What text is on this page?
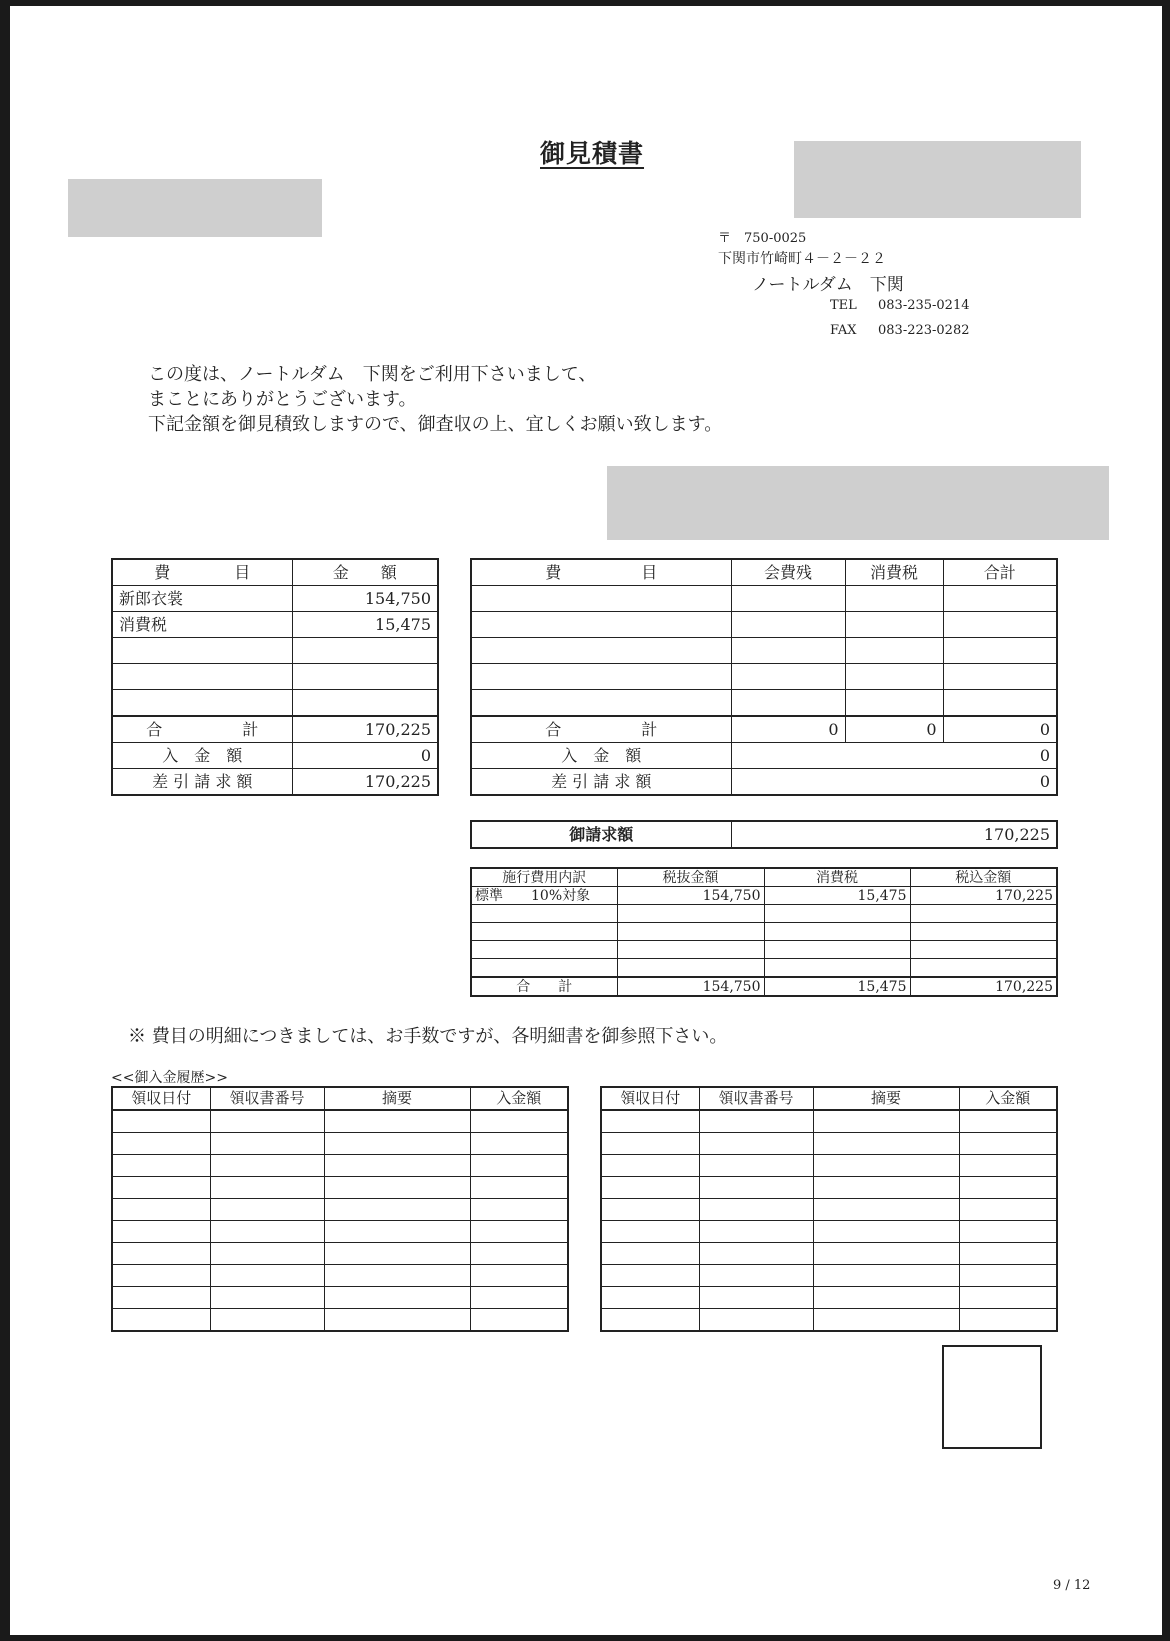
御見積書
〒　750-0025
下関市竹崎町４－２－２２
ノートルダム　下関
TEL 083-235-0214
FAX 083-223-0282
この度は、ノートルダム　下関をご利用下さいまして、
まことにありがとうございます。
下記金額を御見積致しますので、御査収の上、宜しくお願い致します。
費　　　　目	金　　額
新郎衣裳	154,750
消費税	15,475

合　　　　　計	170,225
入　金　額	0
差 引 請 求 額	170,225
費　　　　　目	会費残	消費税	合計

合　　　　　計	0	0	0
入　金　額	0		
差 引 請 求 額	0		
御請求額	170,225
施行費用内訳	税抜金額	消費税	税込金額
標準 10%対象	154,750	15,475	170,225

合　　計	154,750	15,475	170,225
※ 費目の明細につきましては、お手数ですが、各明細書を御参照下さい。
<<御入金履歴>>
領収日付	領収書番号	摘要	入金額

				領収日付	領収書番号	摘要	入金額

9 / 12
